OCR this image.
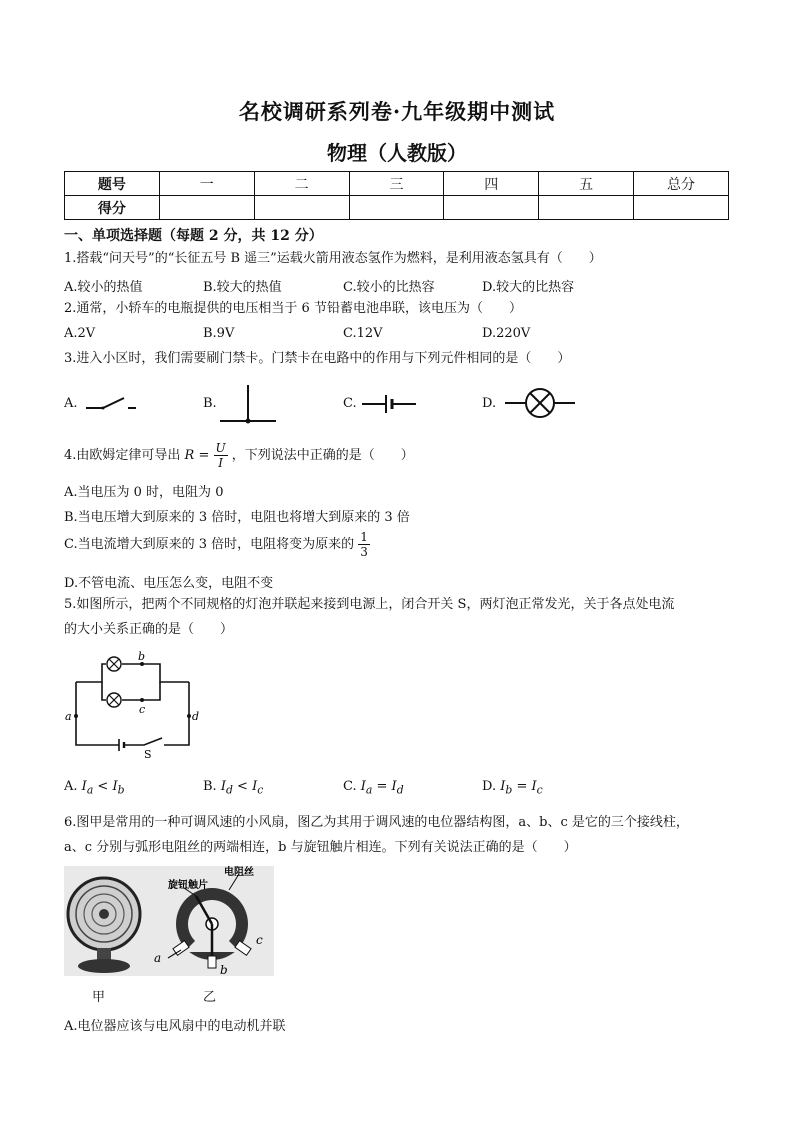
名校调研系列卷·九年级期中测试
物理（人教版）
题号	一	二	三	四	五	总分
得分						
一、单项选择题（每题 2 分，共 12 分）
1.搭载“问天号”的“长征五号 B 遥三”运载火箭用液态氢作为燃料，是利用液态氢具有（　　）
A.较小的热值	B.较大的热值	C.较小的比热容	D.较大的比热容
2.通常，小轿车的电瓶提供的电压相当于 6 节铅蓄电池串联，该电压为（　　）
A.2V	B.9V	C.12V	D.220V
3.进入小区时，我们需要刷门禁卡。门禁卡在电路中的作用与下列元件相同的是（　　）
A.	B.	C.	D.
4.由欧姆定律可导出 $R = \frac{U}{I}$ ，下列说法中正确的是（　　）
A.当电压为 0 时，电阻为 0
B.当电压增大到原来的 3 倍时，电阻也将增大到原来的 3 倍
C.当电流增大到原来的 3 倍时，电阻将变为原来的 $\frac{1}{3}$
D.不管电流、电压怎么变，电阻不变
5.如图所示，把两个不同规格的灯泡并联起来接到电源上，闭合开关 S，两灯泡正常发光，关于各点处电流
的大小关系正确的是（　　）
b
c
a	d
S
A. $I_a < I_b$	B. $I_d < I_c$	C. $I_a = I_d$	D. $I_b = I_c$
6.图甲是常用的一种可调风速的小风扇，图乙为其用于调风速的电位器结构图，a、b、c 是它的三个接线柱，
a、c 分别与弧形电阻丝的两端相连，b 与旋钮触片相连。下列有关说法正确的是（　　）
旋钮触片
电阻丝
a
b
c
甲	乙
A.电位器应该与电风扇中的电动机并联
